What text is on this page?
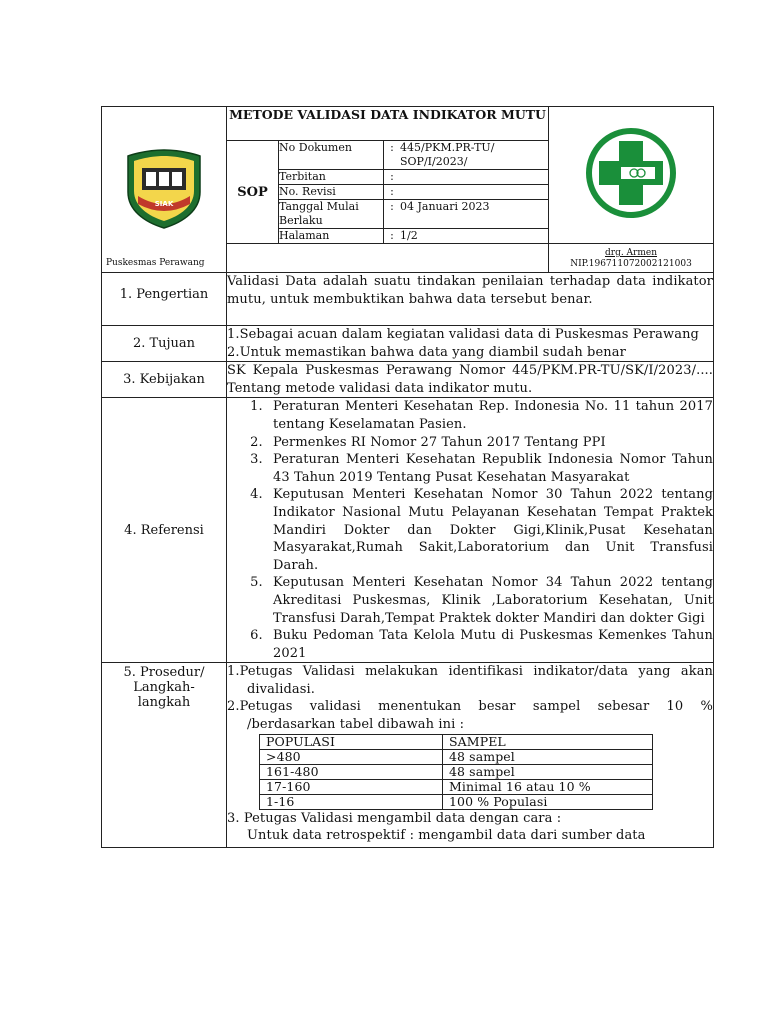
SIAK
	METODE VALIDASI DATA INDIKATOR MUTU	
SOP	
No Dokumen	:	445/PKM.PR-TU/ SOP/I/2023/
Terbitan	:	
No. Revisi	:	
Tanggal Mulai Berlaku	:	04 Januari 2023
Halaman	:	1/2

drg. Armen
NIP.196711072002121003

1. Pengertian
	Validasi Data adalah suatu tindakan penilaian terhadap data indikator mutu, untuk membuktikan bahwa data tersebut benar.
2. Tujuan	
1.Sebagai acuan dalam kegiatan validasi data di Puskesmas Perawang
2.Untuk memastikan bahwa data yang diambil sudah benar

3. Kebijakan	
SK Kepala Puskesmas Perawang Nomor 445/PKM.PR-TU/SK/I/2023/....
Tentang metode validasi data indikator mutu.

4. Referensi	
1. Peraturan Menteri Kesehatan Rep. Indonesia No. 11 tahun 2017 tentang Keselamatan Pasien.
2. Permenkes RI Nomor 27 Tahun 2017 Tentang PPI
3. Peraturan Menteri Kesehatan Republik Indonesia Nomor Tahun 43 Tahun 2019 Tentang Pusat Kesehatan Masyarakat
4. Keputusan Menteri Kesehatan Nomor 30 Tahun 2022 tentang Indikator Nasional Mutu Pelayanan Kesehatan Tempat Praktek Mandiri Dokter dan Dokter Gigi,Klinik,Pusat Kesehatan Masyarakat,Rumah Sakit,Laboratorium dan Unit Transfusi Darah.
5. Keputusan Menteri Kesehatan Nomor 34 Tahun 2022 tentang Akreditasi Puskesmas, Klinik ,Laboratorium Kesehatan, Unit Transfusi Darah,Tempat Praktek dokter Mandiri dan dokter Gigi
6. Buku Pedoman Tata Kelola Mutu di Puskesmas Kemenkes Tahun 2021

5. Prosedur/ Langkah- langkah

1.Petugas Validasi melakukan identifikasi indikator/data yang akan divalidasi.
2.Petugas validasi menentukan besar sampel sebesar 10 % /berdasarkan tabel dibawah ini :
POPULASI	SAMPEL
>480	48 sampel
161-480	48 sampel
17-160	Minimal 16 atau 10 %
1-16	100 % Populasi
3. Petugas Validasi mengambil data dengan cara :
Untuk data retrospektif : mengambil data dari sumber data
Puskesmas Perawang
